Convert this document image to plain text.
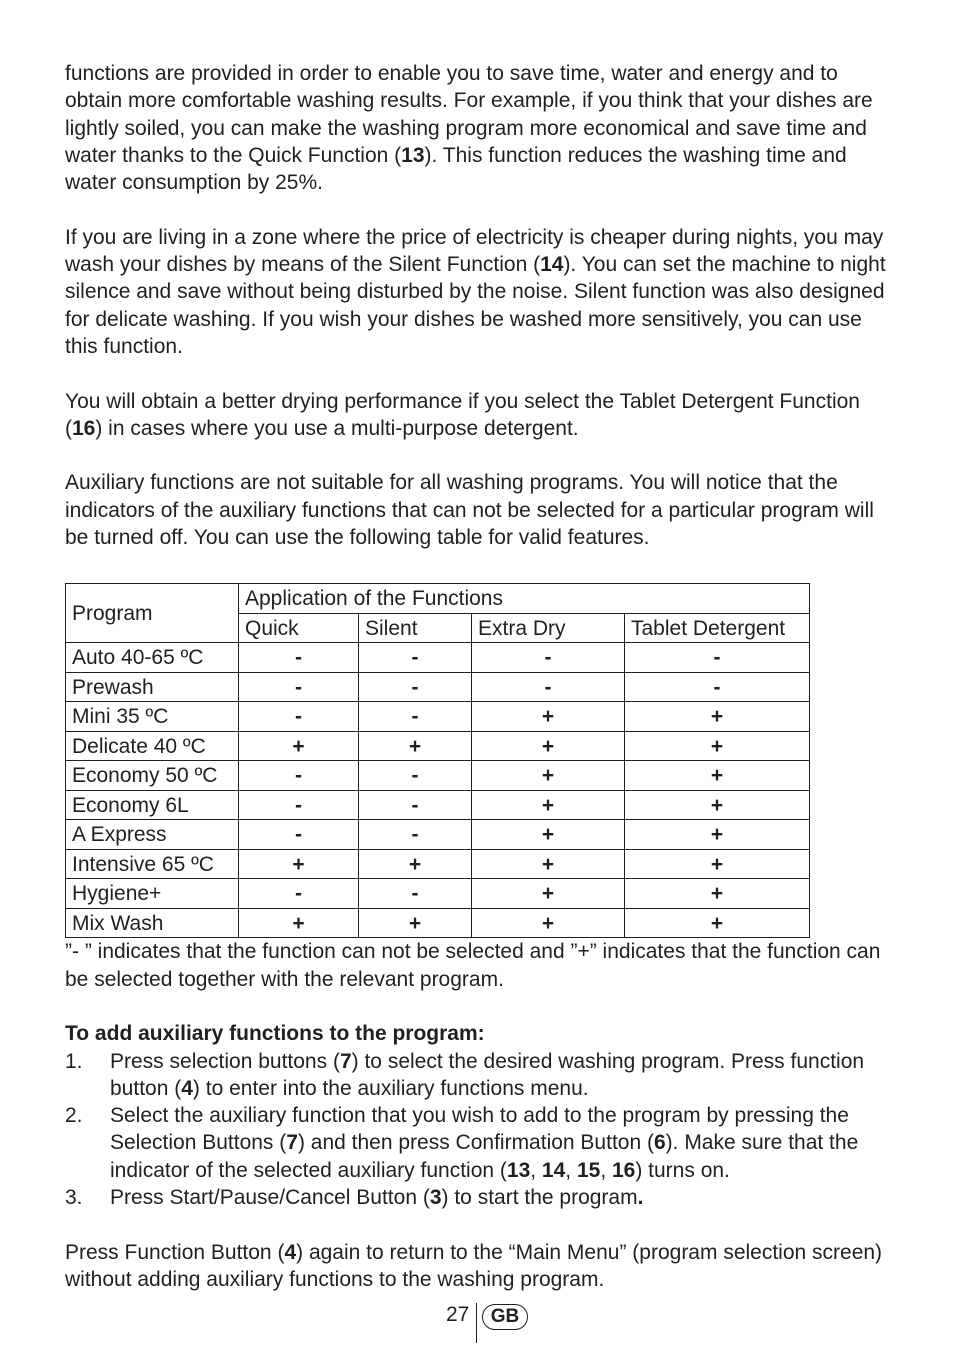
functions are provided in order to enable you to save time, water and energy and to obtain more comfortable washing results. For example, if you think that your dishes are lightly soiled, you can make the washing program more economical and save time and water thanks to the Quick Function (13). This function reduces the washing time and water consumption by 25%.

If you are living in a zone where the price of electricity is cheaper during nights, you may wash your dishes by means of the Silent Function (14). You can set the machine to night silence and save without being disturbed by the noise. Silent function was also designed for delicate washing. If you wish your dishes be washed more sensitively, you can use this function.

You will obtain a better drying performance if you select the Tablet Detergent Function (16) in cases where you use a multi-purpose detergent.

Auxiliary functions are not suitable for all washing programs. You will notice that the indicators of the auxiliary functions that can not be selected for a particular program will be turned off. You can use the following table for valid features.

Program	Application of the Functions			
	Quick	Silent	Extra Dry	Tablet Detergent
Auto 40-65 ºC	-	-	-	-
Prewash	-	-	-	-
Mini 35 ºC	-	-	+	+
Delicate 40 ºC	+	+	+	+
Economy 50 ºC	-	-	+	+
Economy 6L	-	-	+	+
A Express	-	-	+	+
Intensive 65 ºC	+	+	+	+
Hygiene+	-	-	+	+
Mix Wash	+	+	+	+

”- ” indicates that the function can not be selected and ”+” indicates that the function can be selected together with the relevant program.

To add auxiliary functions to the program:

1. Press selection buttons (7) to select the desired washing program. Press function button (4) to enter into the auxiliary functions menu.
2. Select the auxiliary function that you wish to add to the program by pressing the Selection Buttons (7) and then press Confirmation Button (6). Make sure that the indicator of the selected auxiliary function (13, 14, 15, 16) turns on.
3. Press Start/Pause/Cancel Button (3) to start the program.

Press Function Button (4) again to return to the “Main Menu” (program selection screen) without adding auxiliary functions to the washing program.

27	GB
